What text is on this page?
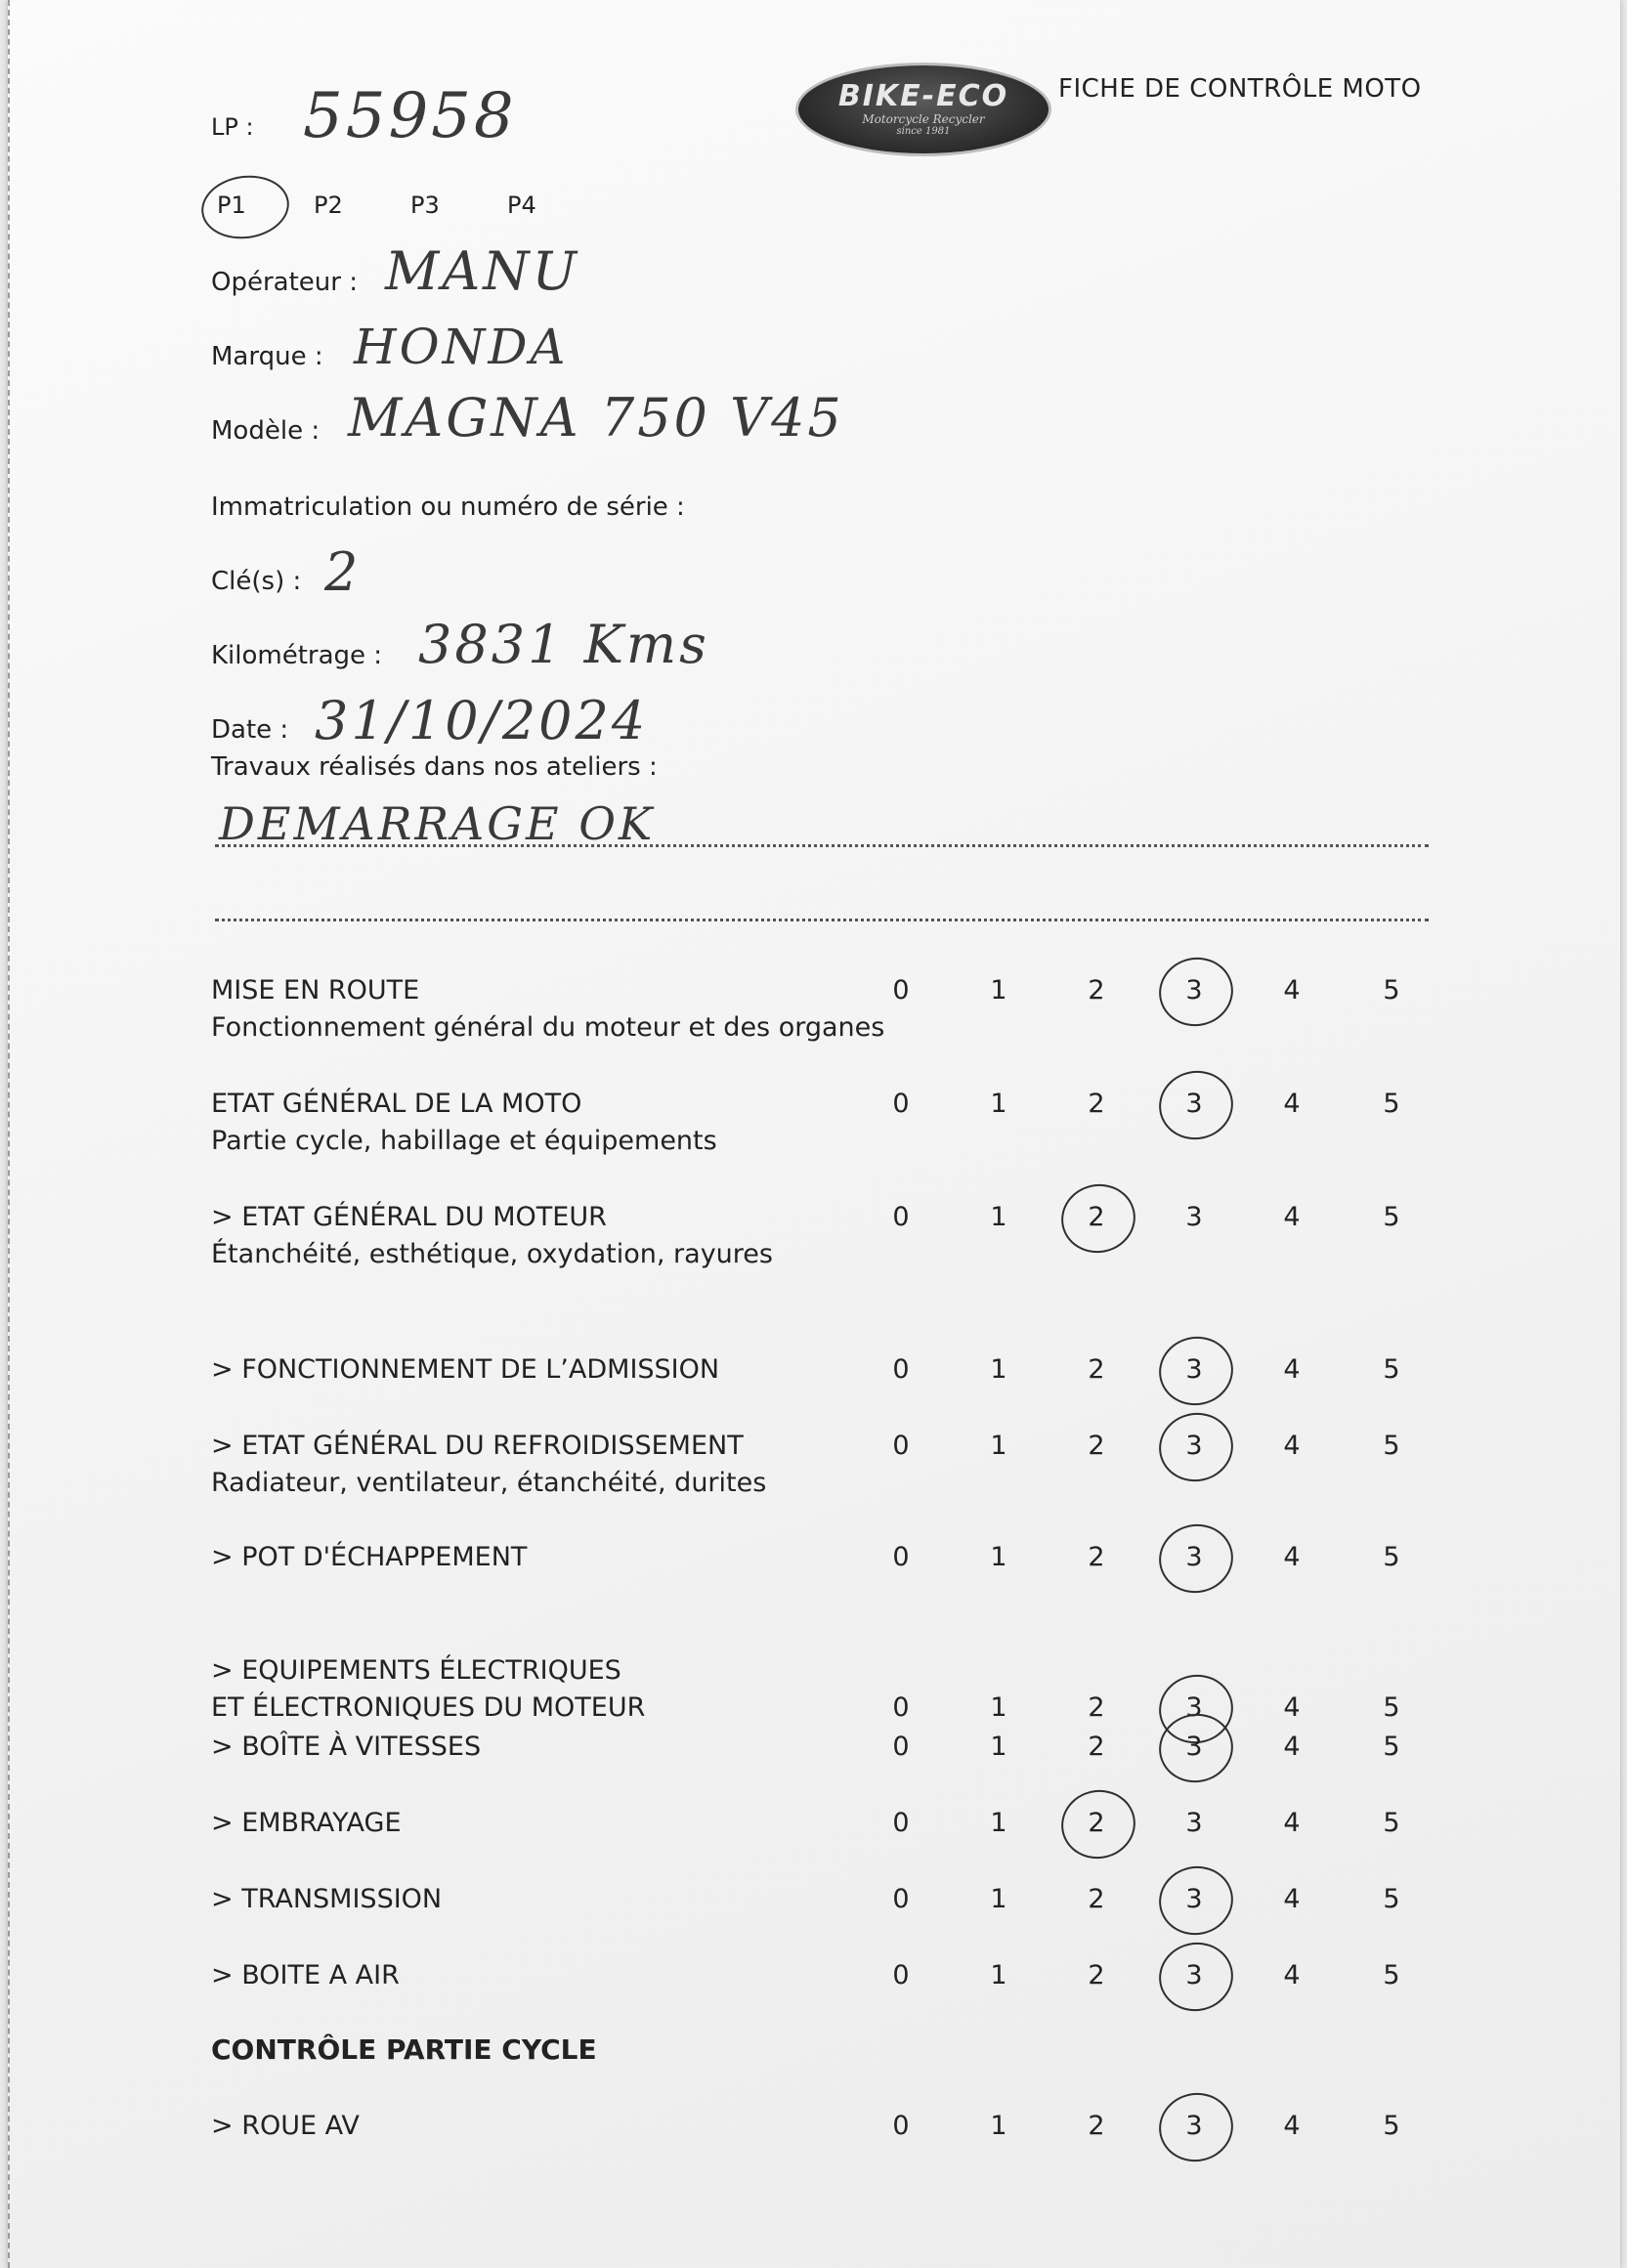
BIKE-ECO
Motorcycle Recycler
since 1981
FICHE DE CONTRÔLE MOTO
LP : 55958
P1	P2	P3	P4
Opérateur : MANU
Marque : HONDA
Modèle : MAGNA 750 V45
Immatriculation ou numéro de série :
Clé(s) : 2
Kilométrage : 3831 Kms
Date : 31/10/2024
Travaux réalisés dans nos ateliers :
DEMARRAGE OK
MISE EN ROUTE
Fonctionnement général du moteur et des organes
0	1	2	3	4	5
ETAT GÉNÉRAL DE LA MOTO
Partie cycle, habillage et équipements
0	1	2	3	4	5
> ETAT GÉNÉRAL DU MOTEUR
Étanchéité, esthétique, oxydation, rayures
0	1	2	3	4	5
> FONCTIONNEMENT DE L’ADMISSION	0	1	2	3	4	5
> ETAT GÉNÉRAL DU REFROIDISSEMENT
Radiateur, ventilateur, étanchéité, durites
0	1	2	3	4	5
> POT D'ÉCHAPPEMENT	0	1	2	3	4	5
> EQUIPEMENTS ÉLECTRIQUES
ET ÉLECTRONIQUES DU MOTEUR	0	1	2	3	4	5
> BOÎTE À VITESSES	0	1	2	3	4	5
> EMBRAYAGE	0	1	2	3	4	5
> TRANSMISSION	0	1	2	3	4	5
> BOITE A AIR	0	1	2	3	4	5
CONTRÔLE PARTIE CYCLE
> ROUE AV	0	1	2	3	4	5
